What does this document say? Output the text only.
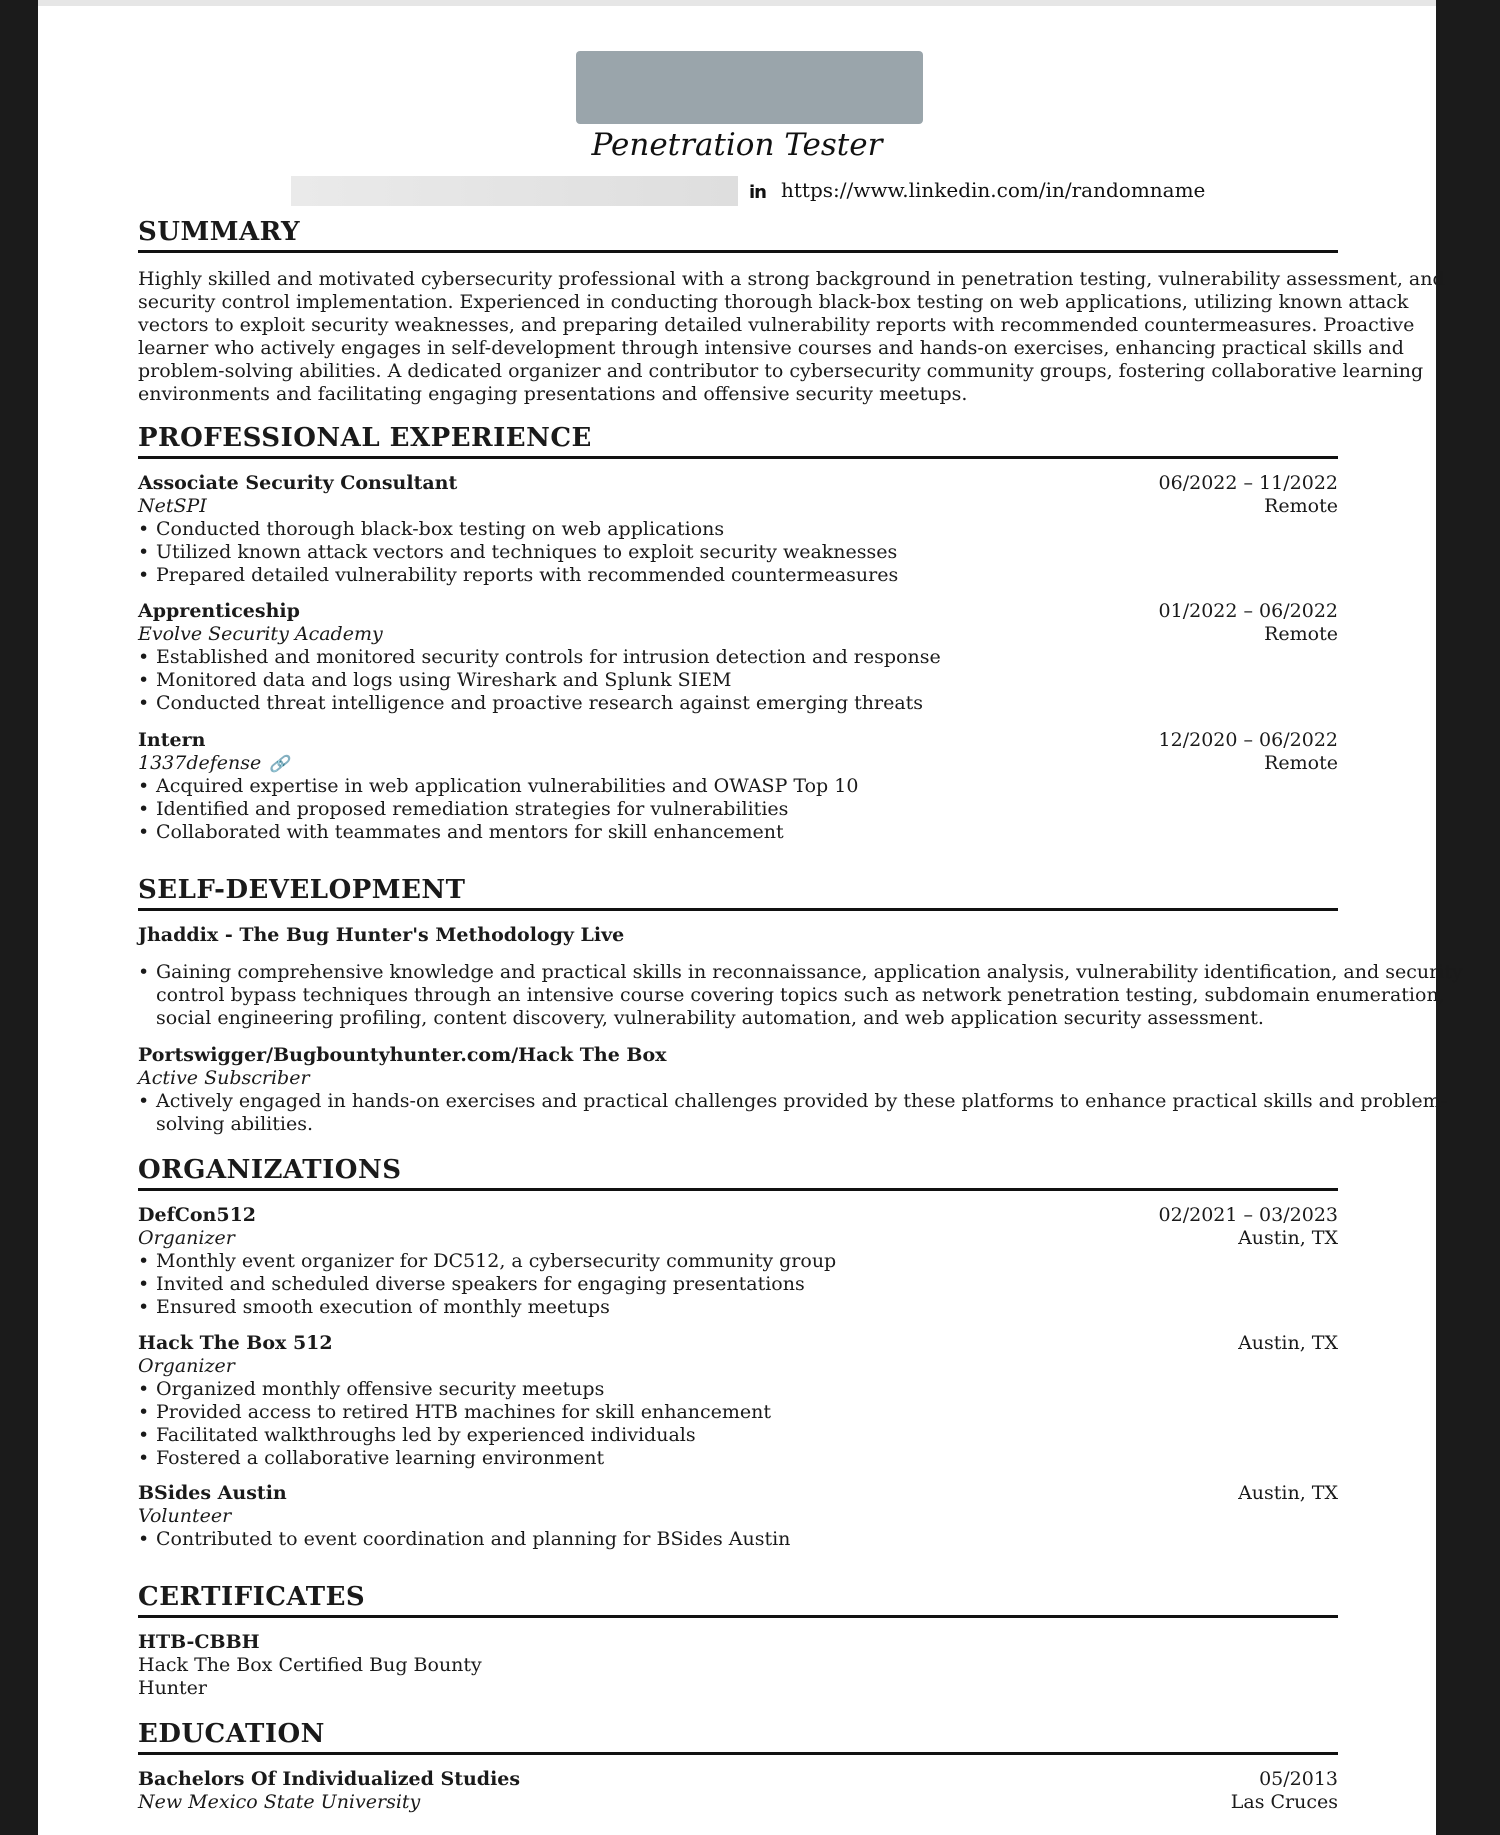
Penetration Tester
in https://www.linkedin.com/in/randomname
SUMMARY
Highly skilled and motivated cybersecurity professional with a strong background in penetration testing, vulnerability assessment, and
security control implementation. Experienced in conducting thorough black-box testing on web applications, utilizing known attack
vectors to exploit security weaknesses, and preparing detailed vulnerability reports with recommended countermeasures. Proactive
learner who actively engages in self-development through intensive courses and hands-on exercises, enhancing practical skills and
problem-solving abilities. A dedicated organizer and contributor to cybersecurity community groups, fostering collaborative learning
environments and facilitating engaging presentations and offensive security meetups.
PROFESSIONAL EXPERIENCE
Associate Security Consultant	06/2022 – 11/2022
NetSPI	Remote
• Conducted thorough black-box testing on web applications
• Utilized known attack vectors and techniques to exploit security weaknesses
• Prepared detailed vulnerability reports with recommended countermeasures
Apprenticeship	01/2022 – 06/2022
Evolve Security Academy	Remote
• Established and monitored security controls for intrusion detection and response
• Monitored data and logs using Wireshark and Splunk SIEM
• Conducted threat intelligence and proactive research against emerging threats
Intern	12/2020 – 06/2022
1337defense 🔗	Remote
• Acquired expertise in web application vulnerabilities and OWASP Top 10
• Identified and proposed remediation strategies for vulnerabilities
• Collaborated with teammates and mentors for skill enhancement
SELF-DEVELOPMENT
Jhaddix - The Bug Hunter's Methodology Live
• Gaining comprehensive knowledge and practical skills in reconnaissance, application analysis, vulnerability identification, and security
control bypass techniques through an intensive course covering topics such as network penetration testing, subdomain enumeration,
social engineering profiling, content discovery, vulnerability automation, and web application security assessment.
Portswigger/Bugbountyhunter.com/Hack The Box
Active Subscriber
• Actively engaged in hands-on exercises and practical challenges provided by these platforms to enhance practical skills and problem-
solving abilities.
ORGANIZATIONS
DefCon512	02/2021 – 03/2023
Organizer	Austin, TX
• Monthly event organizer for DC512, a cybersecurity community group
• Invited and scheduled diverse speakers for engaging presentations
• Ensured smooth execution of monthly meetups
Hack The Box 512	Austin, TX
Organizer
• Organized monthly offensive security meetups
• Provided access to retired HTB machines for skill enhancement
• Facilitated walkthroughs led by experienced individuals
• Fostered a collaborative learning environment
BSides Austin	Austin, TX
Volunteer
• Contributed to event coordination and planning for BSides Austin
CERTIFICATES
HTB-CBBH
Hack The Box Certified Bug Bounty
Hunter
EDUCATION
Bachelors Of Individualized Studies	05/2013
New Mexico State University	Las Cruces
